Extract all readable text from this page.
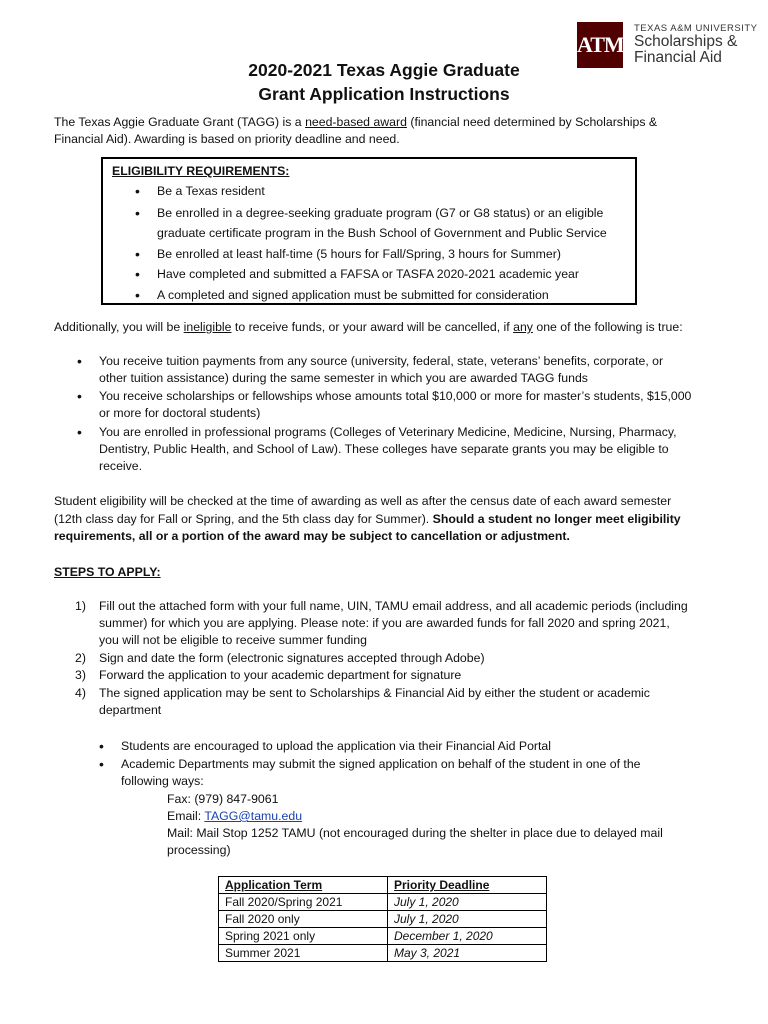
ATM
TEXAS A&M UNIVERSITY
Scholarships &
Financial Aid
2020-2021 Texas Aggie Graduate
Grant Application Instructions
The Texas Aggie Graduate Grant (TAGG) is a need-based award (financial need determined by Scholarships &
Financial Aid). Awarding is based on priority deadline and need.
ELIGIBILITY REQUIREMENTS:
• Be a Texas resident
• Be enrolled in a degree-seeking graduate program (G7 or G8 status) or an eligible
graduate certificate program in the Bush School of Government and Public Service
• Be enrolled at least half-time (5 hours for Fall/Spring, 3 hours for Summer)
• Have completed and submitted a FAFSA or TASFA 2020-2021 academic year
• A completed and signed application must be submitted for consideration
Additionally, you will be ineligible to receive funds, or your award will be cancelled, if any one of the following is true:
• You receive tuition payments from any source (university, federal, state, veterans’ benefits, corporate, or
other tuition assistance) during the same semester in which you are awarded TAGG funds
• You receive scholarships or fellowships whose amounts total $10,000 or more for master’s students, $15,000
or more for doctoral students)
• You are enrolled in professional programs (Colleges of Veterinary Medicine, Medicine, Nursing, Pharmacy,
Dentistry, Public Health, and School of Law). These colleges have separate grants you may be eligible to
receive.
Student eligibility will be checked at the time of awarding as well as after the census date of each award semester
(12th class day for Fall or Spring, and the 5th class day for Summer). Should a student no longer meet eligibility
requirements, all or a portion of the award may be subject to cancellation or adjustment.
STEPS TO APPLY:
1) Fill out the attached form with your full name, UIN, TAMU email address, and all academic periods (including
summer) for which you are applying. Please note: if you are awarded funds for fall 2020 and spring 2021,
you will not be eligible to receive summer funding
2) Sign and date the form (electronic signatures accepted through Adobe)
3) Forward the application to your academic department for signature
4) The signed application may be sent to Scholarships & Financial Aid by either the student or academic
department
• Students are encouraged to upload the application via their Financial Aid Portal
• Academic Departments may submit the signed application on behalf of the student in one of the
following ways:
Fax: (979) 847-9061
Email: TAGG@tamu.edu
Mail: Mail Stop 1252 TAMU (not encouraged during the shelter in place due to delayed mail
processing)
Application Term	Priority Deadline
Fall 2020/Spring 2021	July 1, 2020
Fall 2020 only	July 1, 2020
Spring 2021 only	December 1, 2020
Summer 2021	May 3, 2021
